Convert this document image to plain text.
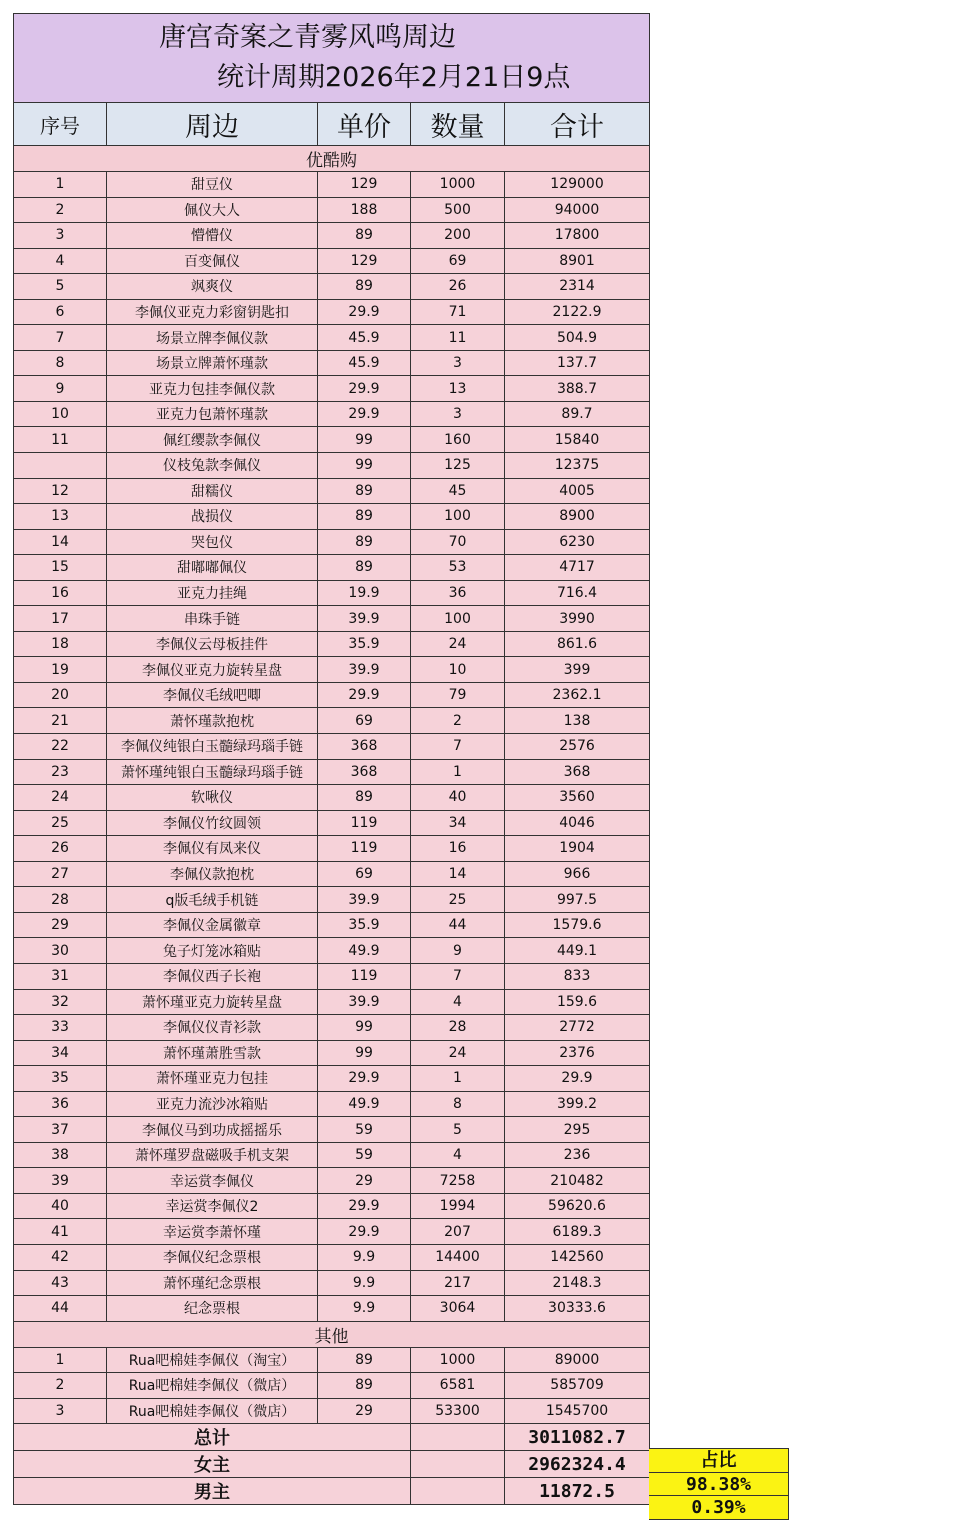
唐宫奇案之青雾风鸣周边
统计周期2026年2月21日9点				

序号	周边	单价	数量	合计
优酷购				
1	甜豆仪	129	1000	129000
2	佩仪大人	188	500	94000
3	懵懵仪	89	200	17800
4	百变佩仪	129	69	8901
5	飒爽仪	89	26	2314
6	李佩仪亚克力彩窗钥匙扣	29.9	71	2122.9
7	场景立牌李佩仪款	45.9	11	504.9
8	场景立牌萧怀瑾款	45.9	3	137.7
9	亚克力包挂李佩仪款	29.9	13	388.7
10	亚克力包萧怀瑾款	29.9	3	89.7
11	佩红缨款李佩仪	99	160	15840
	仪枝兔款李佩仪	99	125	12375
12	甜糯仪	89	45	4005
13	战损仪	89	100	8900
14	哭包仪	89	70	6230
15	甜嘟嘟佩仪	89	53	4717
16	亚克力挂绳	19.9	36	716.4
17	串珠手链	39.9	100	3990
18	李佩仪云母板挂件	35.9	24	861.6
19	李佩仪亚克力旋转星盘	39.9	10	399
20	李佩仪毛绒吧唧	29.9	79	2362.1
21	萧怀瑾款抱枕	69	2	138
22	李佩仪纯银白玉髓绿玛瑙手链	368	7	2576
23	萧怀瑾纯银白玉髓绿玛瑙手链	368	1	368
24	软啾仪	89	40	3560
25	李佩仪竹纹圆领	119	34	4046
26	李佩仪有凤来仪	119	16	1904
27	李佩仪款抱枕	69	14	966
28	q版毛绒手机链	39.9	25	997.5
29	李佩仪金属徽章	35.9	44	1579.6
30	兔子灯笼冰箱贴	49.9	9	449.1
31	李佩仪西子长袍	119	7	833
32	萧怀瑾亚克力旋转星盘	39.9	4	159.6
33	李佩仪仪青衫款	99	28	2772
34	萧怀瑾萧胜雪款	99	24	2376
35	萧怀瑾亚克力包挂	29.9	1	29.9
36	亚克力流沙冰箱贴	49.9	8	399.2
37	李佩仪马到功成摇摇乐	59	5	295
38	萧怀瑾罗盘磁吸手机支架	59	4	236
39	幸运赏李佩仪	29	7258	210482
40	幸运赏李佩仪2	29.9	1994	59620.6
41	幸运赏李萧怀瑾	29.9	207	6189.3
42	李佩仪纪念票根	9.9	14400	142560
43	萧怀瑾纪念票根	9.9	217	2148.3
44	纪念票根	9.9	3064	30333.6
其他				
1	Rua吧棉娃李佩仪（淘宝）	89	1000	89000
2	Rua吧棉娃李佩仪（微店）	89	6581	585709
3	Rua吧棉娃李佩仪（微店）	29	53300	1545700
总计				3011082.7
女主				2962324.4
男主				11872.5
占比
98.38%
0.39%
